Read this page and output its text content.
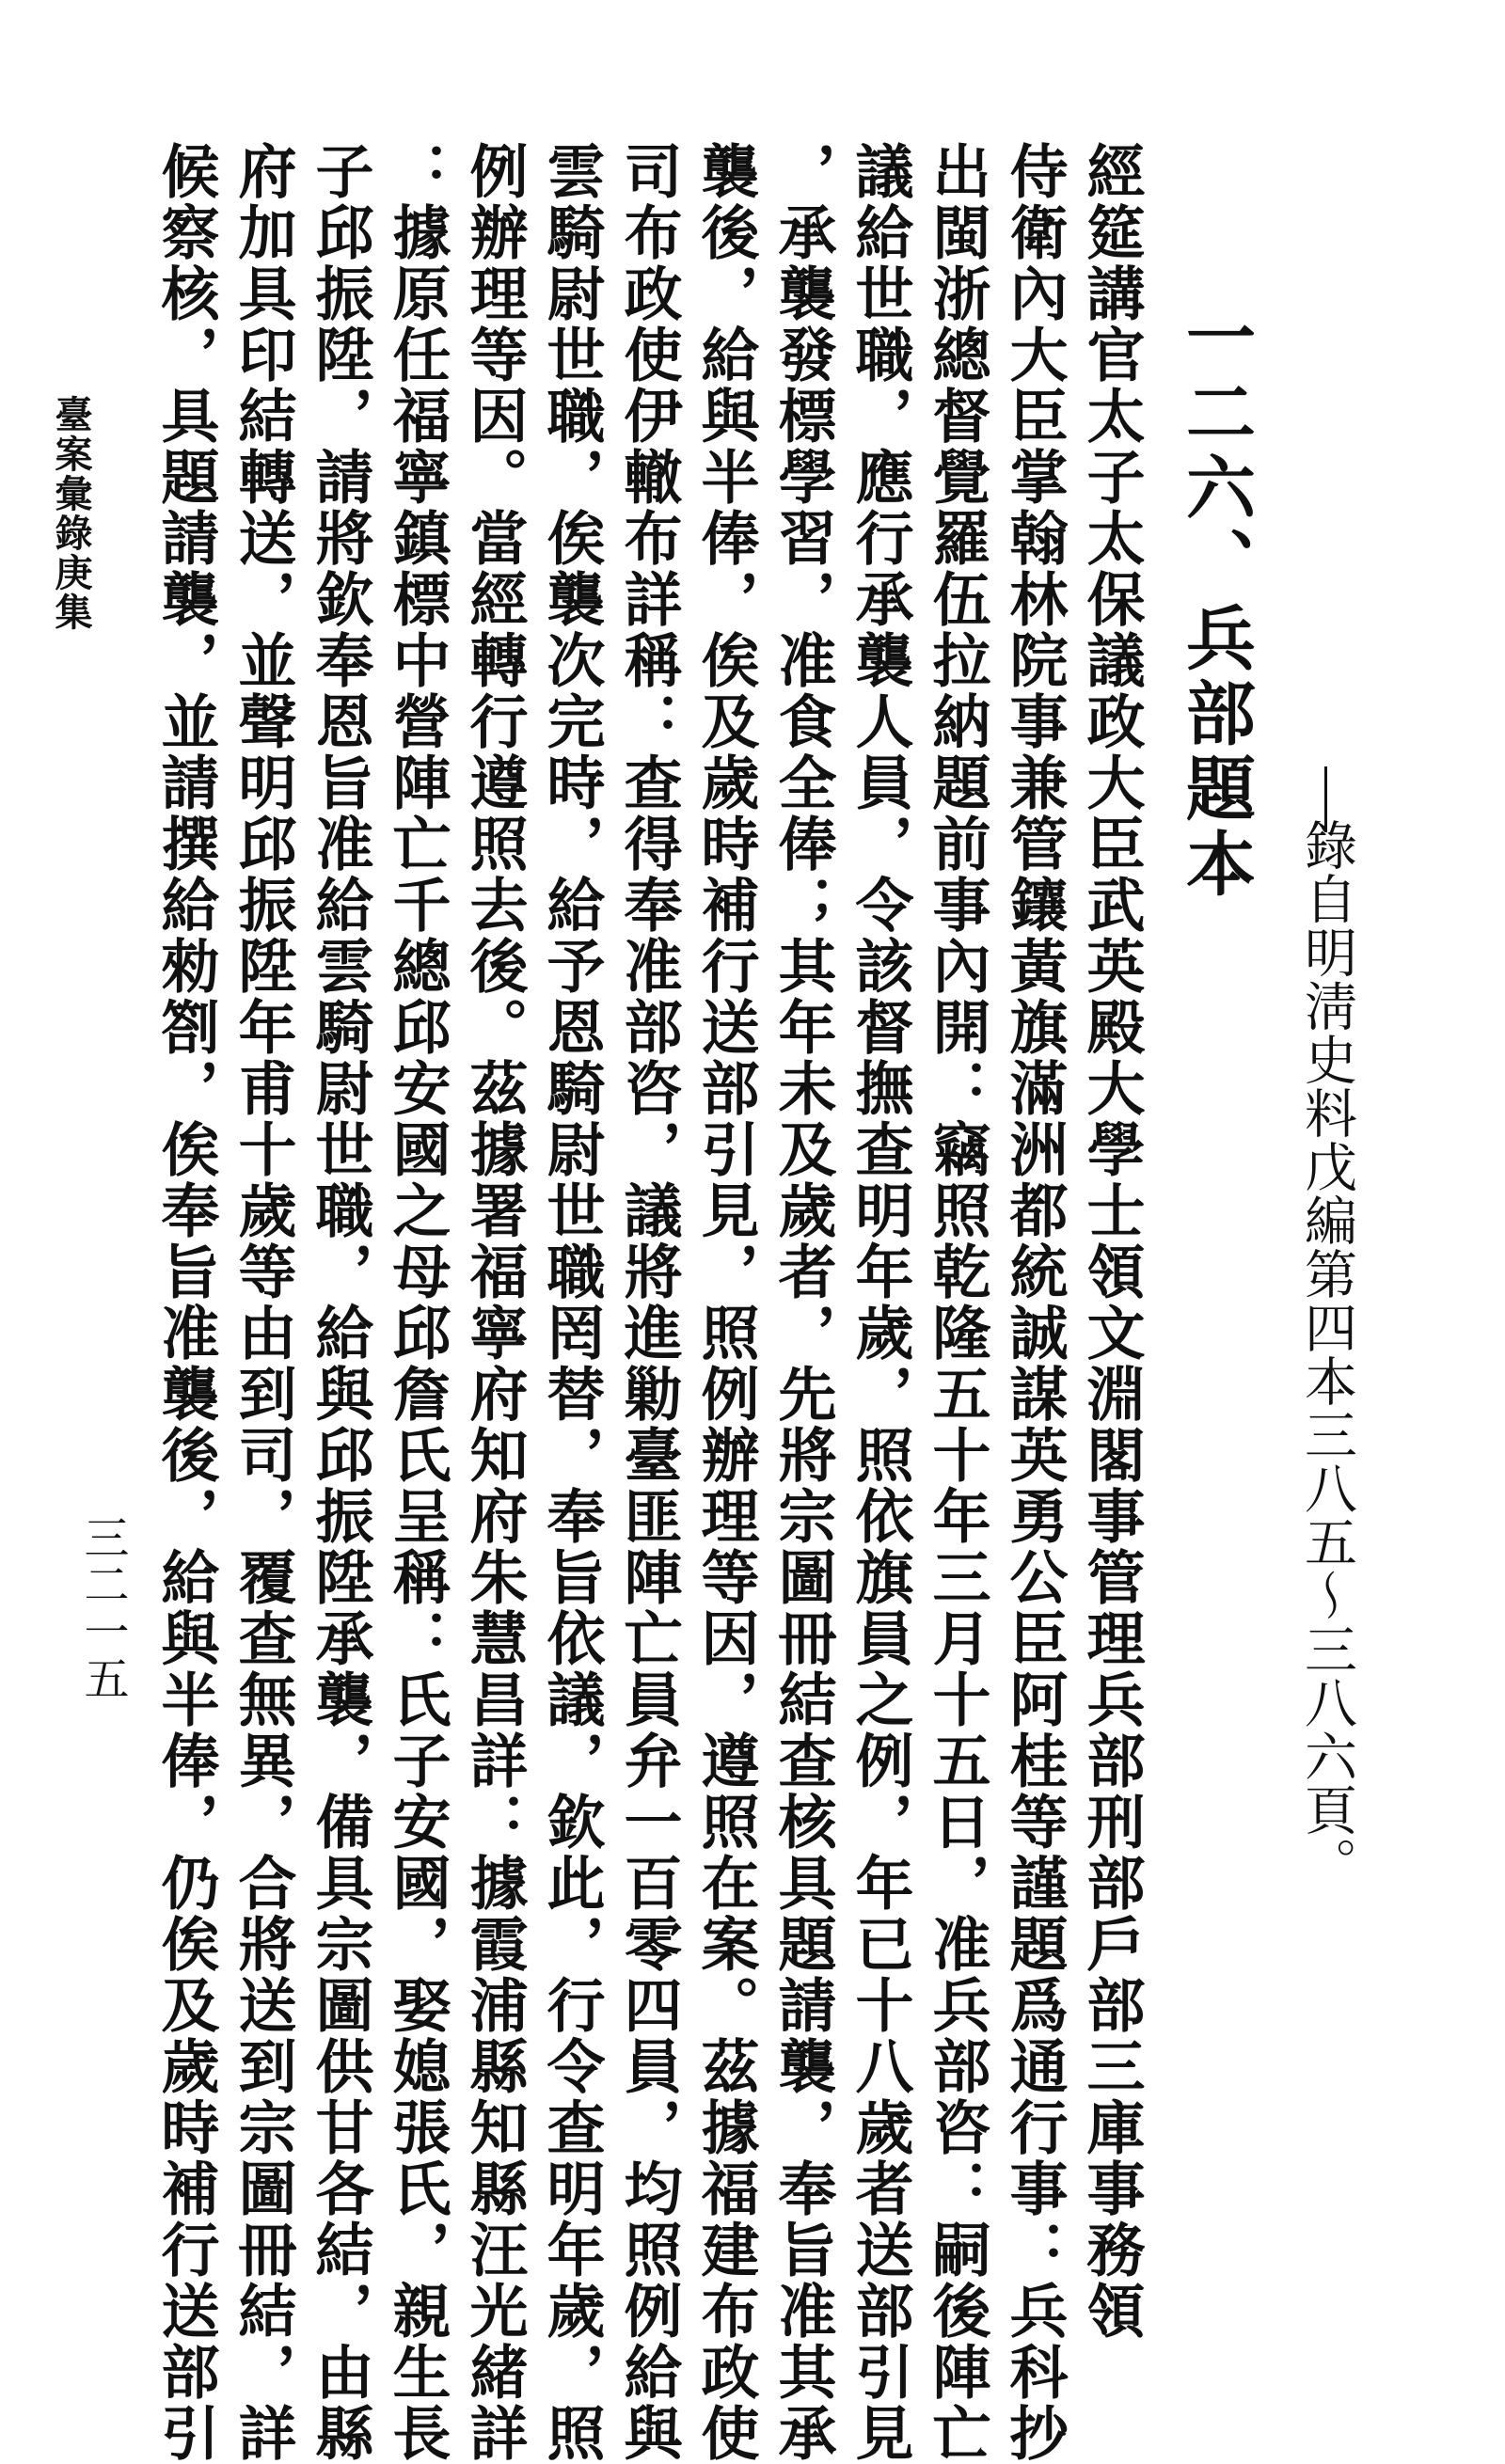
一二六、兵部題本
錄自明淸史料戊編第四本三八五～三八六頁。
經筵講官太子太保議政大臣武英殿大學士領文淵閣事管理兵部刑部戶部三庫事務領
侍衛內大臣掌翰林院事兼管鑲黃旗滿洲都統誠謀英勇公臣阿桂等謹題爲通行事：兵科抄
出閩浙總督覺羅伍拉納題前事內開：竊照乾隆五十年三月十五日，准兵部咨：嗣後陣亡
議給世職，應行承襲人員，令該督撫查明年歲，照依旗員之例，年已十八歲者送部引見
，承襲發標學習，准食全俸；其年未及歲者，先將宗圖冊結查核具題請襲，奉旨准其承
襲後，給與半俸，俟及歲時補行送部引見，照例辦理等因，遵照在案。茲據福建布政使
司布政使伊轍布詳稱：查得奉准部咨，議將進勦臺匪陣亡員弁一百零四員，均照例給與
雲騎尉世職，俟襲次完時，給予恩騎尉世職罔替，奉旨依議，欽此，行令查明年歲，照
例辦理等因。當經轉行遵照去後。茲據署福寧府知府朱慧昌詳：據霞浦縣知縣汪光緒詳
：據原任福寧鎮標中營陣亡千總邱安國之母邱詹氏呈稱：氏子安國，娶媳張氏，親生長
子邱振陞，請將欽奉恩旨准給雲騎尉世職，給與邱振陞承襲，備具宗圖供甘各結，由縣
府加具印結轉送，並聲明邱振陞年甫十歲等由到司，覆查無異，合將送到宗圖冊結，詳
候察核，具題請襲，並請撰給勑劄，俟奉旨准襲後，給與半俸，仍俟及歲時補行送部引
臺案彙錄庚集
三二一五
